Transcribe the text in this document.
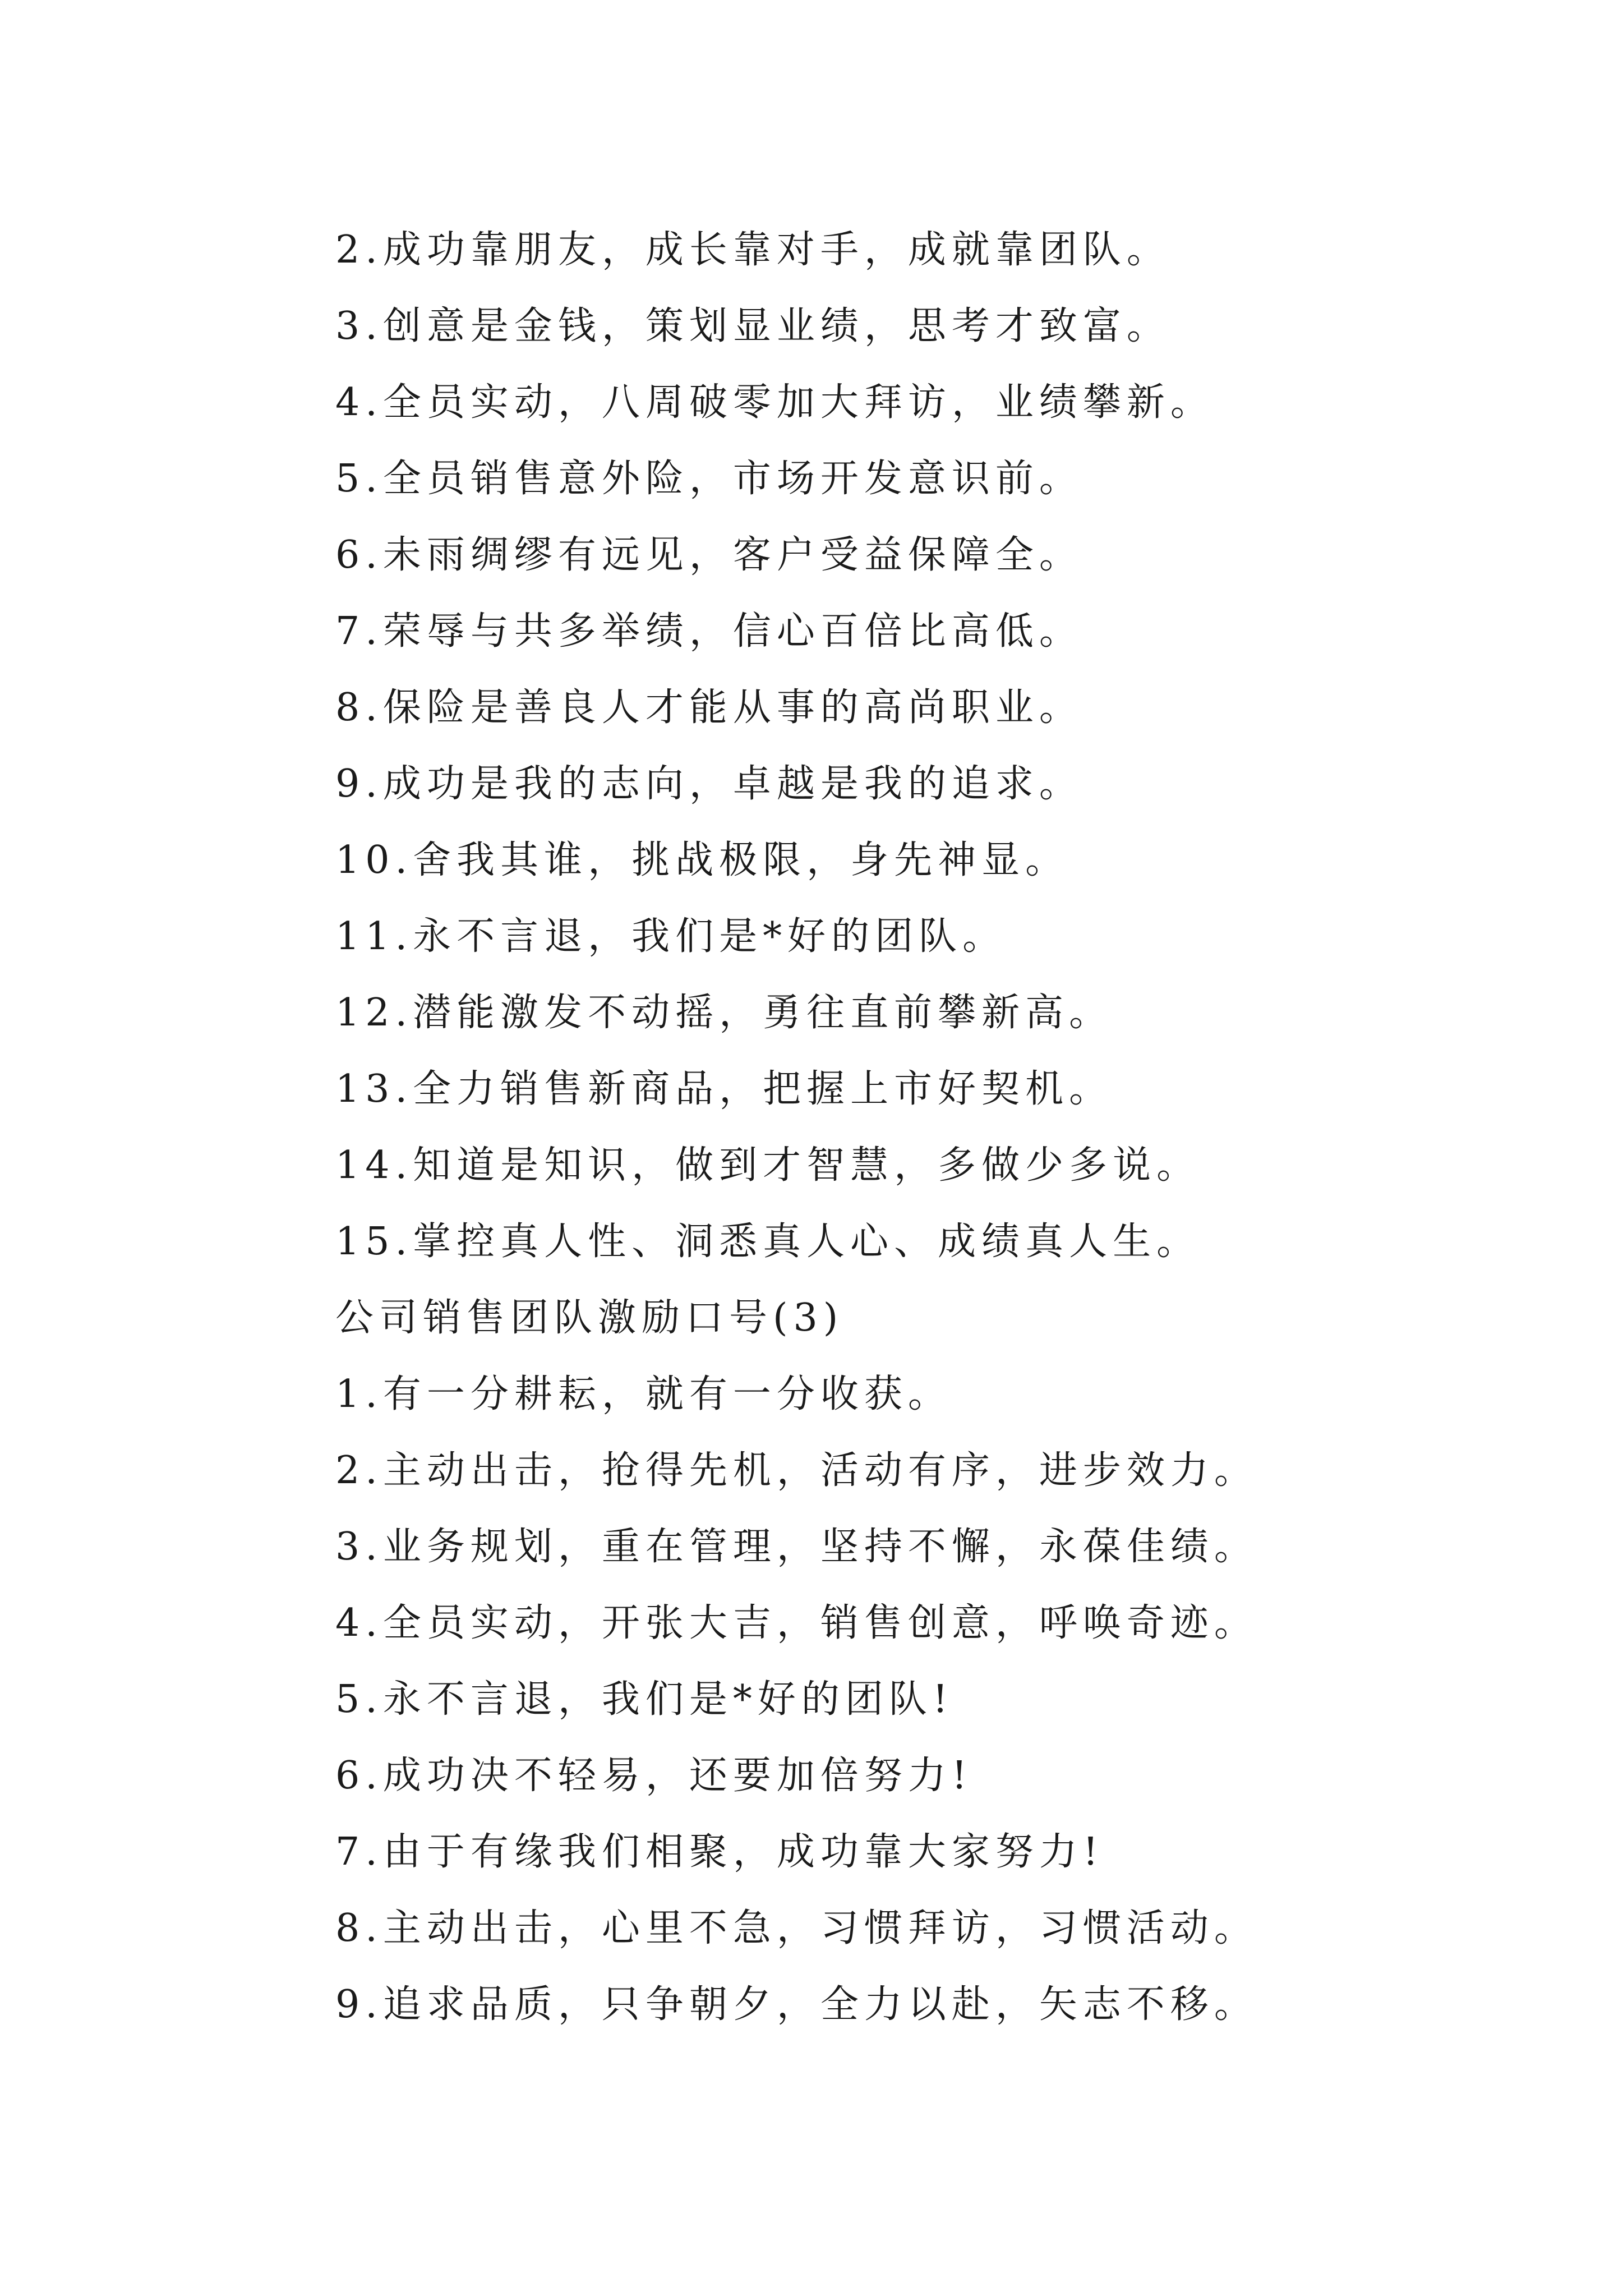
2.成功靠朋友，成长靠对手，成就靠团队。
3.创意是金钱，策划显业绩，思考才致富。
4.全员实动，八周破零加大拜访，业绩攀新。
5.全员销售意外险，市场开发意识前。
6.未雨绸缪有远见，客户受益保障全。
7.荣辱与共多举绩，信心百倍比高低。
8.保险是善良人才能从事的高尚职业。
9.成功是我的志向，卓越是我的追求。
10.舍我其谁，挑战极限，身先神显。
11.永不言退，我们是*好的团队。
12.潜能激发不动摇，勇往直前攀新高。
13.全力销售新商品，把握上市好契机。
14.知道是知识，做到才智慧，多做少多说。
15.掌控真人性、洞悉真人心、成绩真人生。
公司销售团队激励口号(3)
1.有一分耕耘，就有一分收获。
2.主动出击，抢得先机，活动有序，进步效力。
3.业务规划，重在管理，坚持不懈，永葆佳绩。
4.全员实动，开张大吉，销售创意，呼唤奇迹。
5.永不言退，我们是*好的团队!
6.成功决不轻易，还要加倍努力!
7.由于有缘我们相聚，成功靠大家努力!
8.主动出击，心里不急，习惯拜访，习惯活动。
9.追求品质，只争朝夕，全力以赴，矢志不移。
